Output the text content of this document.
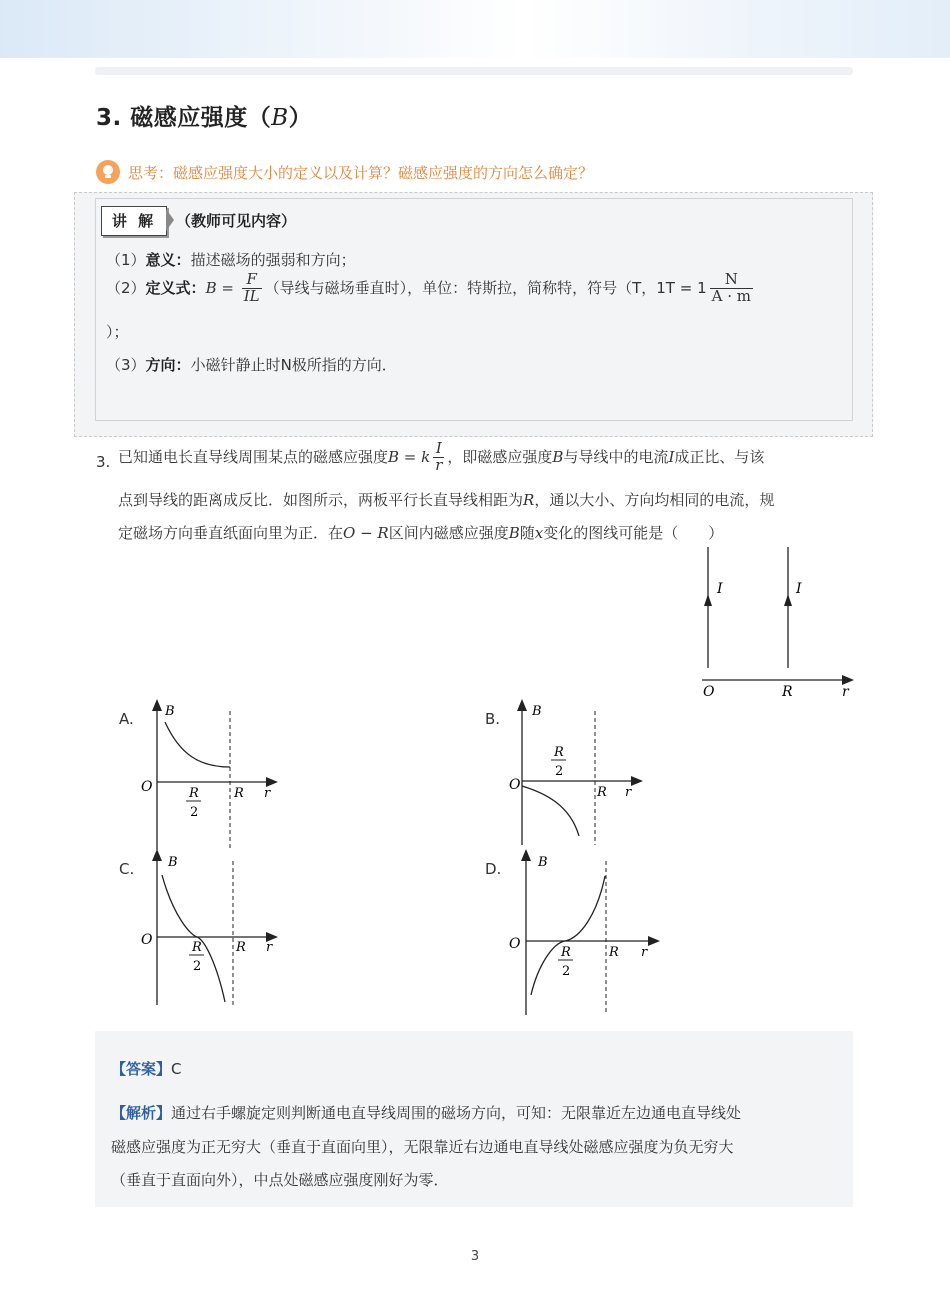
3. 磁感应强度（B）
思考：磁感应强度大小的定义以及计算？磁感应强度的方向怎么确定？
讲 解	（教师可见内容）
（1）意义：描述磁场的强弱和方向；
（2）定义式：$B = \frac{F}{IL}$ （导线与磁场垂直时），单位：特斯拉，简称特，符号（T，$1T = 1 \frac{N}{A \cdot m}$
）；
（3）方向：小磁针静止时N极所指的方向．
3. 已知通电长直导线周围某点的磁感应强度B = k $\frac{I}{r}$ ，即磁感应强度B与导线中的电流I成正比、与该
点到导线的距离成反比．如图所示，两板平行长直导线相距为R，通以大小、方向均相同的电流，规
定磁场方向垂直纸面向里为正．在O − R区间内磁感应强度B随x变化的图线可能是（　　）
I	I
O	R	r
A. B
O	R
2
R r
B. B
O
R
2
R r
C.	B
O	R
2
R r
D.	B
O
R
2
R r
【答案】C
【解析】通过右手螺旋定则判断通电直导线周围的磁场方向，可知：无限靠近左边通电直导线处
磁感应强度为正无穷大（垂直于直面向里），无限靠近右边通电直导线处磁感应强度为负无穷大
（垂直于直面向外），中点处磁感应强度刚好为零．
3
